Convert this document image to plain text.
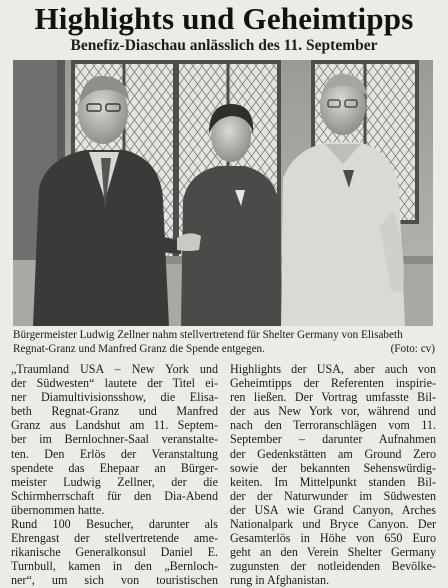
Highlights und Geheimtipps
Benefiz-Diaschau anlässlich des 11. September
Bürgermeister Ludwig Zellner nahm stellvertretend für Shelter Germany von Elisabeth Regnat-Granz und Manfred Granz die Spende entgegen.	(Foto: cv)
„Traumland USA – New York und
der Südwesten“ lautete der Titel ei-
ner Diamultivisionsshow, die Elisa-
beth Regnat-Granz und Manfred
Granz aus Landshut am 11. Septem-
ber im Bernlochner-Saal veranstalte-
ten. Den Erlös der Veranstaltung
spendete das Ehepaar an Bürger-
meister Ludwig Zellner, der die
Schirmherrschaft für den Dia-Abend
übernommen hatte.
Rund 100 Besucher, darunter als
Ehrengast der stellvertretende ame-
rikanische Generalkonsul Daniel E.
Turnbull, kamen in den „Bernloch-
ner“, um sich von touristischen
Highlights der USA, aber auch von
Geheimtipps der Referenten inspirie-
ren ließen. Der Vortrag umfasste Bil-
der aus New York vor, während und
nach den Terroranschlägen vom 11.
September – darunter Aufnahmen
der Gedenkstätten am Ground Zero
sowie der bekannten Sehenswürdig-
keiten. Im Mittelpunkt standen Bil-
der der Naturwunder im Südwesten
der USA wie Grand Canyon, Arches
Nationalpark und Bryce Canyon. Der
Gesamterlös in Höhe von 650 Euro
geht an den Verein Shelter Germany
zugunsten der notleidenden Bevölke-
rung in Afghanistan.
